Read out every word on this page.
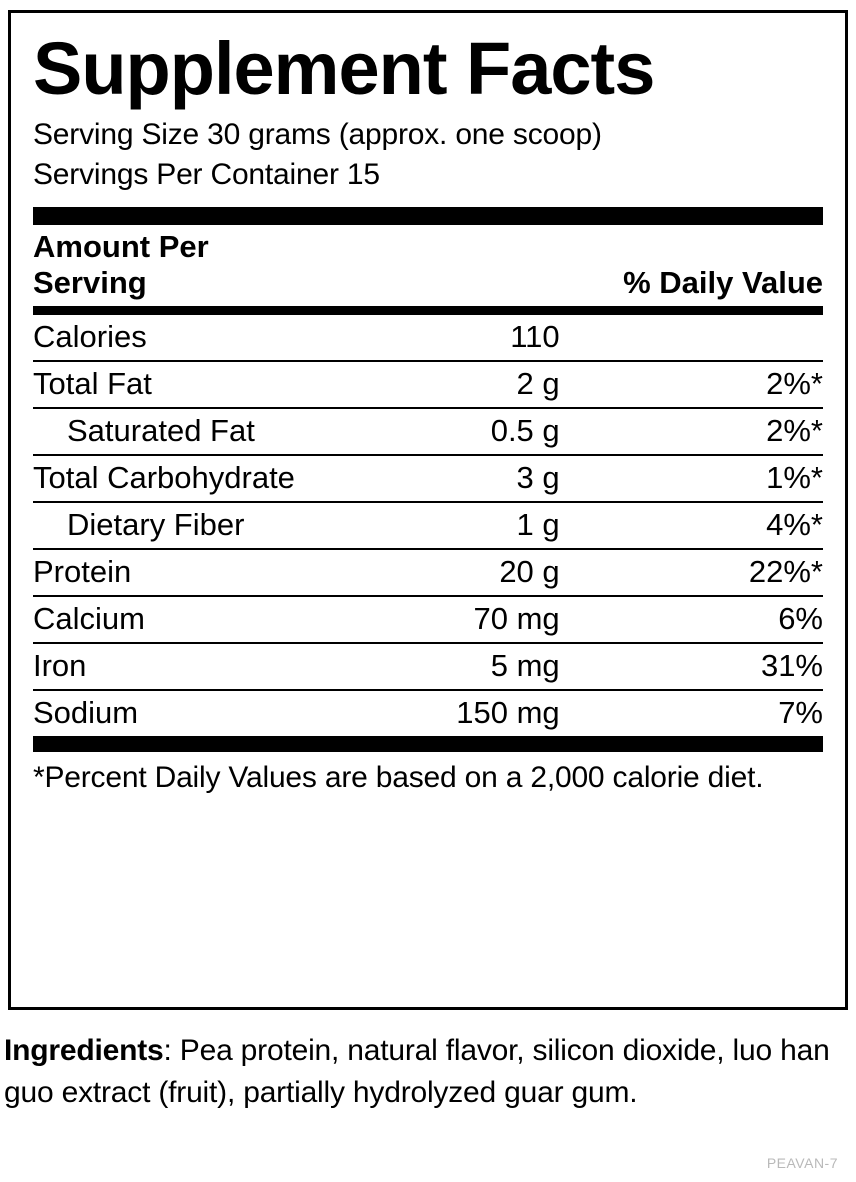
Supplement Facts
Serving Size 30 grams (approx. one scoop)
Servings Per Container 15
Amount Per Serving		% Daily Value
Calories	110	
Total Fat	2 g	2%*
Saturated Fat	0.5 g	2%*
Total Carbohydrate	3 g	1%*
Dietary Fiber	1 g	4%*
Protein	20 g	22%*
Calcium	70 mg	6%
Iron	5 mg	31%
Sodium	150 mg	7%
*Percent Daily Values are based on a 2,000 calorie diet.
Ingredients: Pea protein, natural flavor, silicon dioxide, luo han guo extract (fruit), partially hydrolyzed guar gum.
PEAVAN-7
